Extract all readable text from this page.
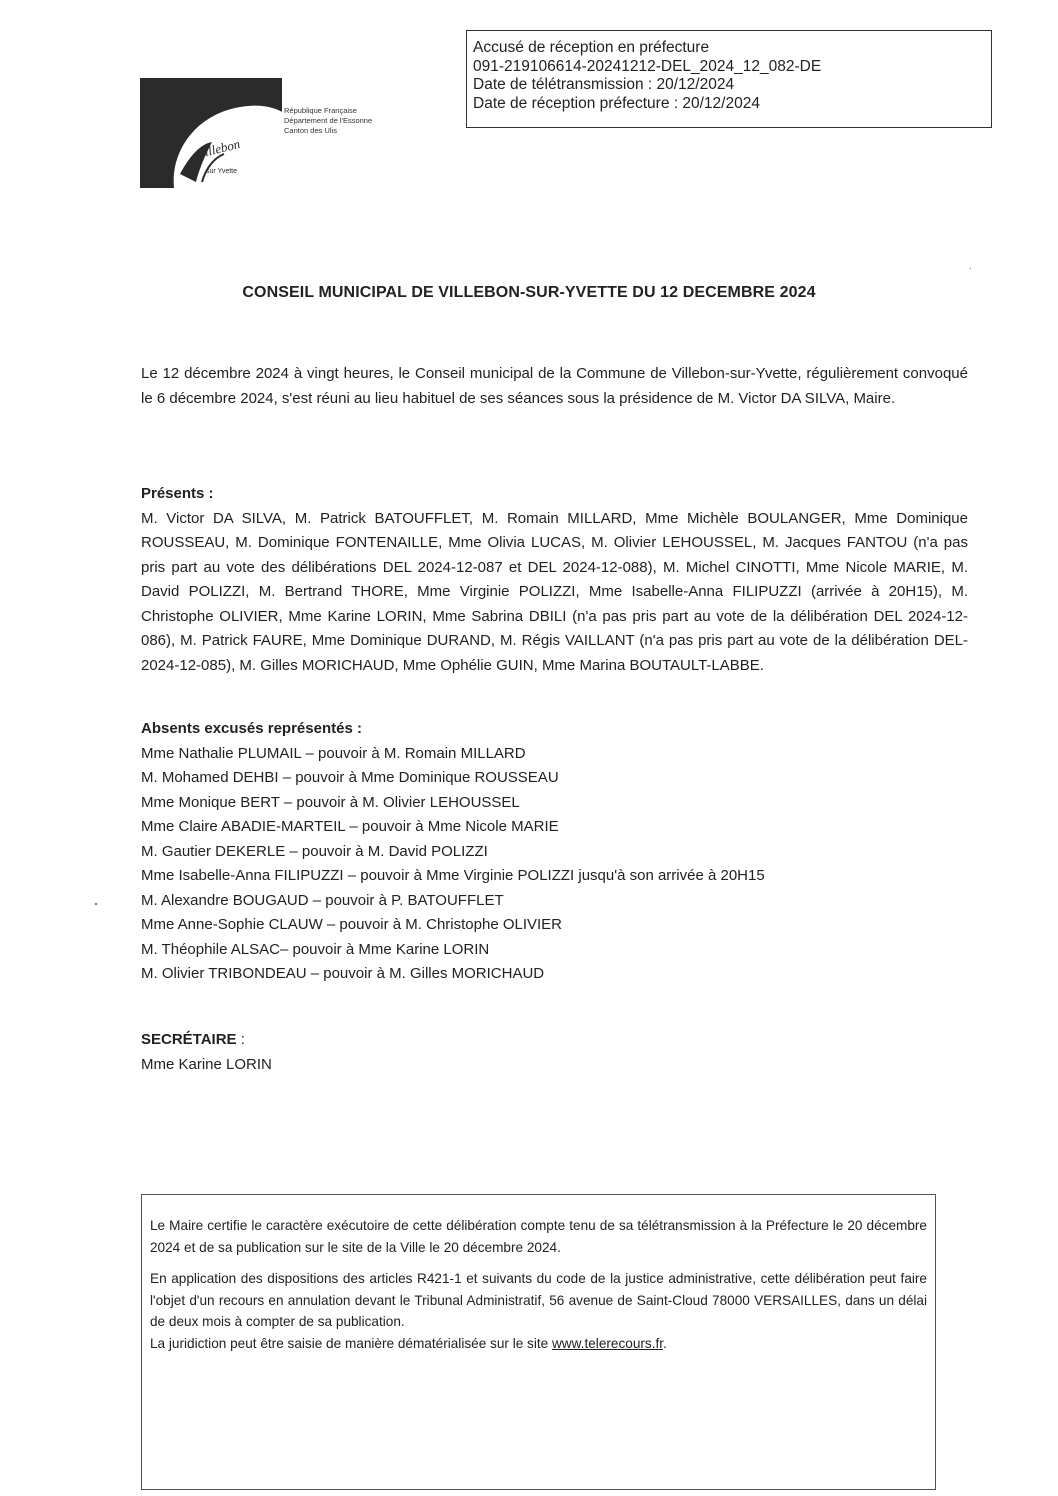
Accusé de réception en préfecture
091-219106614-20241212-DEL_2024_12_082-DE
Date de télétransmission : 20/12/2024
Date de réception préfecture : 20/12/2024
Villebon
sur Yvette
République Française
Département de l'Essonne
Canton des Ulis
CONSEIL MUNICIPAL DE VILLEBON-SUR-YVETTE DU 12 DECEMBRE 2024
Le 12 décembre 2024 à vingt heures, le Conseil municipal de la Commune de Villebon-sur-Yvette, régulièrement convoqué le 6 décembre 2024, s'est réuni au lieu habituel de ses séances sous la présidence de M. Victor DA SILVA, Maire.
Présents :
M. Victor DA SILVA, M. Patrick BATOUFFLET, M. Romain MILLARD, Mme Michèle BOULANGER, Mme Dominique ROUSSEAU, M. Dominique FONTENAILLE, Mme Olivia LUCAS, M. Olivier LEHOUSSEL, M. Jacques FANTOU (n'a pas pris part au vote des délibérations DEL 2024-12-087 et DEL 2024-12-088), M. Michel CINOTTI, Mme Nicole MARIE, M. David POLIZZI, M. Bertrand THORE, Mme Virginie POLIZZI, Mme Isabelle-Anna FILIPUZZI (arrivée à 20H15), M. Christophe OLIVIER, Mme Karine LORIN, Mme Sabrina DBILI (n'a pas pris part au vote de la délibération DEL 2024-12-086), M. Patrick FAURE, Mme Dominique DURAND, M. Régis VAILLANT (n'a pas pris part au vote de la délibération DEL-2024-12-085), M. Gilles MORICHAUD, Mme Ophélie GUIN, Mme Marina BOUTAULT-LABBE.
Absents excusés représentés :
Mme Nathalie PLUMAIL – pouvoir à M. Romain MILLARD
M. Mohamed DEHBI – pouvoir à Mme Dominique ROUSSEAU
Mme Monique BERT – pouvoir à M. Olivier LEHOUSSEL
Mme Claire ABADIE-MARTEIL – pouvoir à Mme Nicole MARIE
M. Gautier DEKERLE – pouvoir à M. David POLIZZI
Mme Isabelle-Anna FILIPUZZI – pouvoir à Mme Virginie POLIZZI jusqu'à son arrivée à 20H15
M. Alexandre BOUGAUD – pouvoir à P. BATOUFFLET
Mme Anne-Sophie CLAUW – pouvoir à M. Christophe OLIVIER
M. Théophile ALSAC– pouvoir à Mme Karine LORIN
M. Olivier TRIBONDEAU – pouvoir à M. Gilles MORICHAUD
SECRÉTAIRE :
Mme Karine LORIN

Le Maire certifie le caractère exécutoire de cette délibération compte tenu de sa télétransmission à la Préfecture le 20 décembre 2024 et de sa publication sur le site de la Ville le 20 décembre 2024.

En application des dispositions des articles R421-1 et suivants du code de la justice administrative, cette délibération peut faire l'objet d'un recours en annulation devant le Tribunal Administratif, 56 avenue de Saint-Cloud 78000 VERSAILLES, dans un délai de deux mois à compter de sa publication.

La juridiction peut être saisie de manière dématérialisée sur le site www.telerecours.fr.
